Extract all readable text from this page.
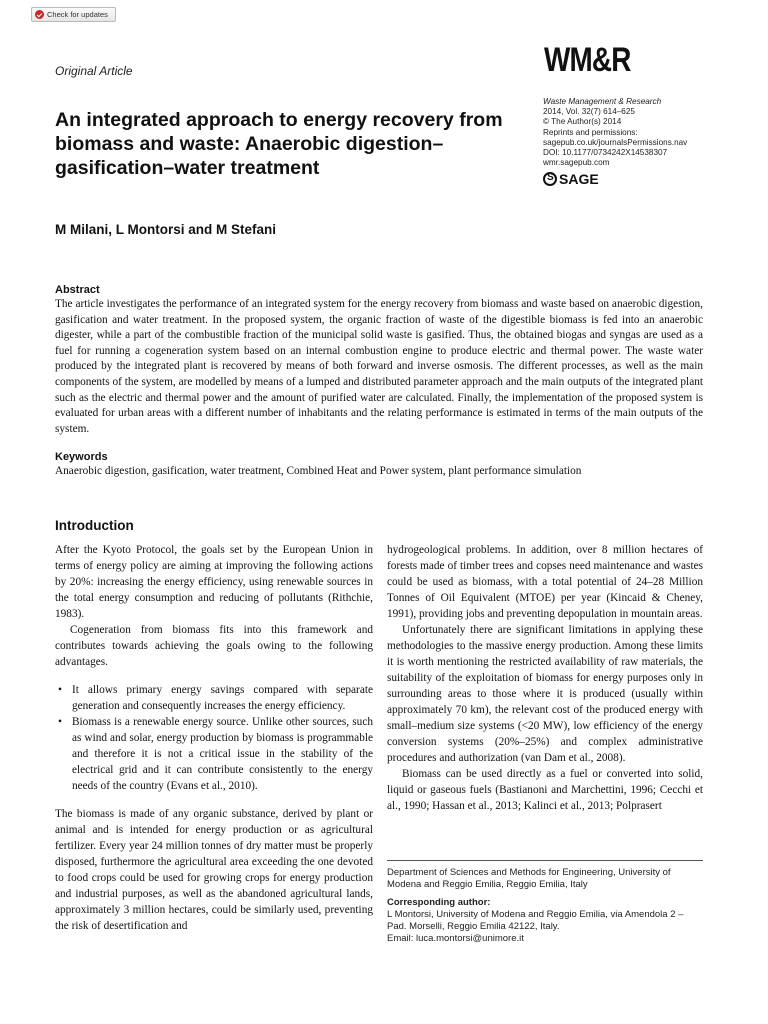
Check for updates
Original Article
An integrated approach to energy recovery from biomass and waste: Anaerobic digestion–gasification–water treatment
WM&R
Waste Management & Research
2014, Vol. 32(7) 614–625
© The Author(s) 2014
Reprints and permissions:
sagepub.co.uk/journalsPermissions.nav
DOI: 10.1177/0734242X14538307
wmr.sagepub.com
S
SAGE
M Milani, L Montorsi and M Stefani
Abstract

The article investigates the performance of an integrated system for the energy recovery from biomass and waste based on anaerobic digestion, gasification and water treatment. In the proposed system, the organic fraction of waste of the digestible biomass is fed into an anaerobic digester, while a part of the combustible fraction of the municipal solid waste is gasified. Thus, the obtained biogas and syngas are used as a fuel for running a cogeneration system based on an internal combustion engine to produce electric and thermal power. The waste water produced by the integrated plant is recovered by means of both forward and inverse osmosis. The different processes, as well as the main components of the system, are modelled by means of a lumped and distributed parameter approach and the main outputs of the integrated plant such as the electric and thermal power and the amount of purified water are calculated. Finally, the implementation of the proposed system is evaluated for urban areas with a different number of inhabitants and the relating performance is estimated in terms of the main outputs of the system.

Keywords

Anaerobic digestion, gasification, water treatment, Combined Heat and Power system, plant performance simulation

Introduction

After the Kyoto Protocol, the goals set by the European Union in terms of energy policy are aiming at improving the following actions by 20%: increasing the energy efficiency, using renewable sources in the total energy consumption and reducing of pollutants (Rithchie, 1983).

Cogeneration from biomass fits into this framework and contributes towards achieving the goals owing to the following advantages.

• It allows primary energy savings compared with separate generation and consequently increases the energy efficiency.
• Biomass is a renewable energy source. Unlike other sources, such as wind and solar, energy production by biomass is programmable and therefore it is not a critical issue in the stability of the electrical grid and it can contribute consistently to the energy needs of the country (Evans et al., 2010).

The biomass is made of any organic substance, derived by plant or animal and is intended for energy production or as agricultural fertilizer. Every year 24 million tonnes of dry matter must be properly disposed, furthermore the agricultural area exceeding the one devoted to food crops could be used for growing crops for energy production and industrial purposes, as well as the abandoned agricultural lands, approximately 3 million hectares, could be similarly used, preventing the risk of desertification and

hydrogeological problems. In addition, over 8 million hectares of forests made of timber trees and copses need maintenance and wastes could be used as biomass, with a total potential of 24–28 Million Tonnes of Oil Equivalent (MTOE) per year (Kincaid & Cheney, 1991), providing jobs and preventing depopulation in mountain areas.

Unfortunately there are significant limitations in applying these methodologies to the massive energy production. Among these limits it is worth mentioning the restricted availability of raw materials, the suitability of the exploitation of biomass for energy purposes only in surrounding areas to those where it is produced (usually within approximately 70 km), the relevant cost of the produced energy with small–medium size systems (<20 MW), low efficiency of the energy conversion systems (20%–25%) and complex administrative procedures and authorization (van Dam et al., 2008).

Biomass can be used directly as a fuel or converted into solid, liquid or gaseous fuels (Bastianoni and Marchettini, 1996; Cecchi et al., 1990; Hassan et al., 2013; Kalinci et al., 2013; Polprasert

Department of Sciences and Methods for Engineering, University of Modena and Reggio Emilia, Reggio Emilia, Italy

Corresponding author:

L Montorsi, University of Modena and Reggio Emilia, via Amendola 2 – Pad. Morselli, Reggio Emilia 42122, Italy.

Email: luca.montorsi@unimore.it
